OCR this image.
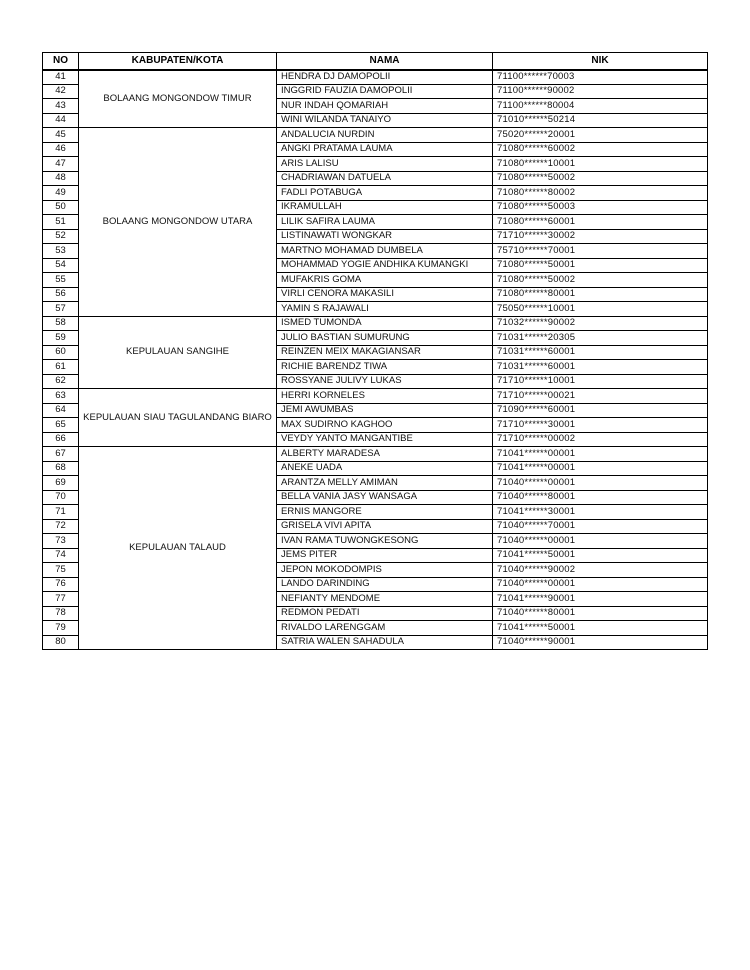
NO	KABUPATEN/KOTA	NAMA	NIK
41	BOLAANG MONGONDOW TIMUR	HENDRA DJ DAMOPOLII	71100******70003
42		INGGRID FAUZIA DAMOPOLII	71100******90002
43		NUR INDAH QOMARIAH	71100******80004
44		WINI WILANDA TANAIYO	71010******50214
45	BOLAANG MONGONDOW UTARA	ANDALUCIA NURDIN	75020******20001
46		ANGKI PRATAMA LAUMA	71080******60002
47		ARIS LALISU	71080******10001
48		CHADRIAWAN DATUELA	71080******50002
49		FADLI POTABUGA	71080******80002
50		IKRAMULLAH	71080******50003
51		LILIK SAFIRA LAUMA	71080******60001
52		LISTINAWATI WONGKAR	71710******30002
53		MARTNO MOHAMAD DUMBELA	75710******70001
54		MOHAMMAD YOGIE ANDHIKA KUMANGKI	71080******50001
55		MUFAKRIS GOMA	71080******50002
56		VIRLI CENORA MAKASILI	71080******80001
57		YAMIN S RAJAWALI	75050******10001
58	KEPULAUAN SANGIHE	ISMED TUMONDA	71032******90002
59		JULIO BASTIAN SUMURUNG	71031******20305
60		REINZEN MEIX MAKAGIANSAR	71031******60001
61		RICHIE BARENDZ TIWA	71031******60001
62		ROSSYANE JULIVY LUKAS	71710******10001
63	KEPULAUAN SIAU TAGULANDANG BIARO	HERRI KORNELES	71710******00021
64		JEMI AWUMBAS	71090******60001
65		MAX SUDIRNO KAGHOO	71710******30001
66		VEYDY YANTO MANGANTIBE	71710******00002
67	KEPULAUAN TALAUD	ALBERTY MARADESA	71041******00001
68		ANEKE UADA	71041******00001
69		ARANTZA MELLY AMIMAN	71040******00001
70		BELLA VANIA JASY WANSAGA	71040******80001
71		ERNIS MANGORE	71041******30001
72		GRISELA VIVI APITA	71040******70001
73		IVAN RAMA TUWONGKESONG	71040******00001
74		JEMS PITER	71041******50001
75		JEPON MOKODOMPIS	71040******90002
76		LANDO DARINDING	71040******00001
77		NEFIANTY MENDOME	71041******90001
78		REDMON PEDATI	71040******80001
79		RIVALDO LARENGGAM	71041******50001
80		SATRIA WALEN SAHADULA	71040******90001
